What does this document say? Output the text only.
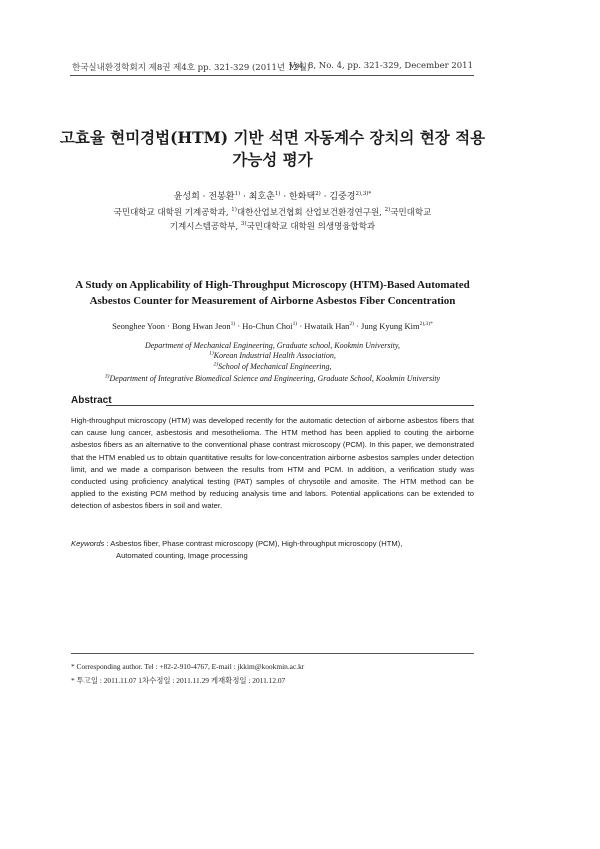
한국실내환경학회지 제8권 제4호 pp. 321-329 (2011년 12월)
Vol. 8, No. 4, pp. 321-329, December 2011
고효율 현미경법(HTM) 기반 석면 자동계수 장치의 현장 적용
가능성 평가
윤성희 · 전봉환$^{1)}$ · 최호춘$^{1)}$ · 한화택$^{2)}$ · 김중경$^{2),3)*}$
국민대학교 대학원 기계공학과, $^{1)}$대한산업보건협회 산업보건환경연구원, $^{2)}$국민대학교
기계시스템공학부, $^{3)}$국민대학교 대학원 의생명융합학과
A Study on Applicability of High-Throughput Microscopy (HTM)-Based Automated
Asbestos Counter for Measurement of Airborne Asbestos Fiber Concentration
Seonghee Yoon · Bong Hwan Jeon$^{1)}$ · Ho-Chun Choi$^{1)}$ · Hwataik Han$^{2)}$ · Jung Kyung Kim$^{2),3)*}$
Department of Mechanical Engineering, Graduate school, Kookmin University,
$^{1)}$Korean Industrial Health Association,
$^{2)}$School of Mechanical Engineering,
$^{3)}$Department of Integrative Biomedical Science and Engineering, Graduate School, Kookmin University
Abstract
High-throughput microscopy (HTM) was developed recently for the automatic detection of airborne asbestos fibers that can cause lung cancer, asbestosis and mesothelioma. The HTM method has been applied to couting the airborne asbestos fibers as an alternative to the conventional phase contrast microscopy (PCM). In this paper, we demonstrated that the HTM enabled us to obtain quantitative results for low-concentration airborne asbestos samples under detection limit, and we made a comparison between the results from HTM and PCM. In addition, a verification study was conducted using proficiency analytical testing (PAT) samples of chrysotile and amosite. The HTM method can be applied to the existing PCM method by reducing analysis time and labors. Potential applications can be extended to detection of asbestos fibers in soil and water.
Keywords : Asbestos fiber, Phase contrast microscopy (PCM), High-throughput microscopy (HTM),
Automated counting, Image processing
* Corresponding author. Tel : +82-2-910-4767, E-mail : jkkim@kookmin.ac.kr
* 투고일 : 2011.11.07 1차수정일 : 2011.11.29 게재확정일 : 2011.12.07
